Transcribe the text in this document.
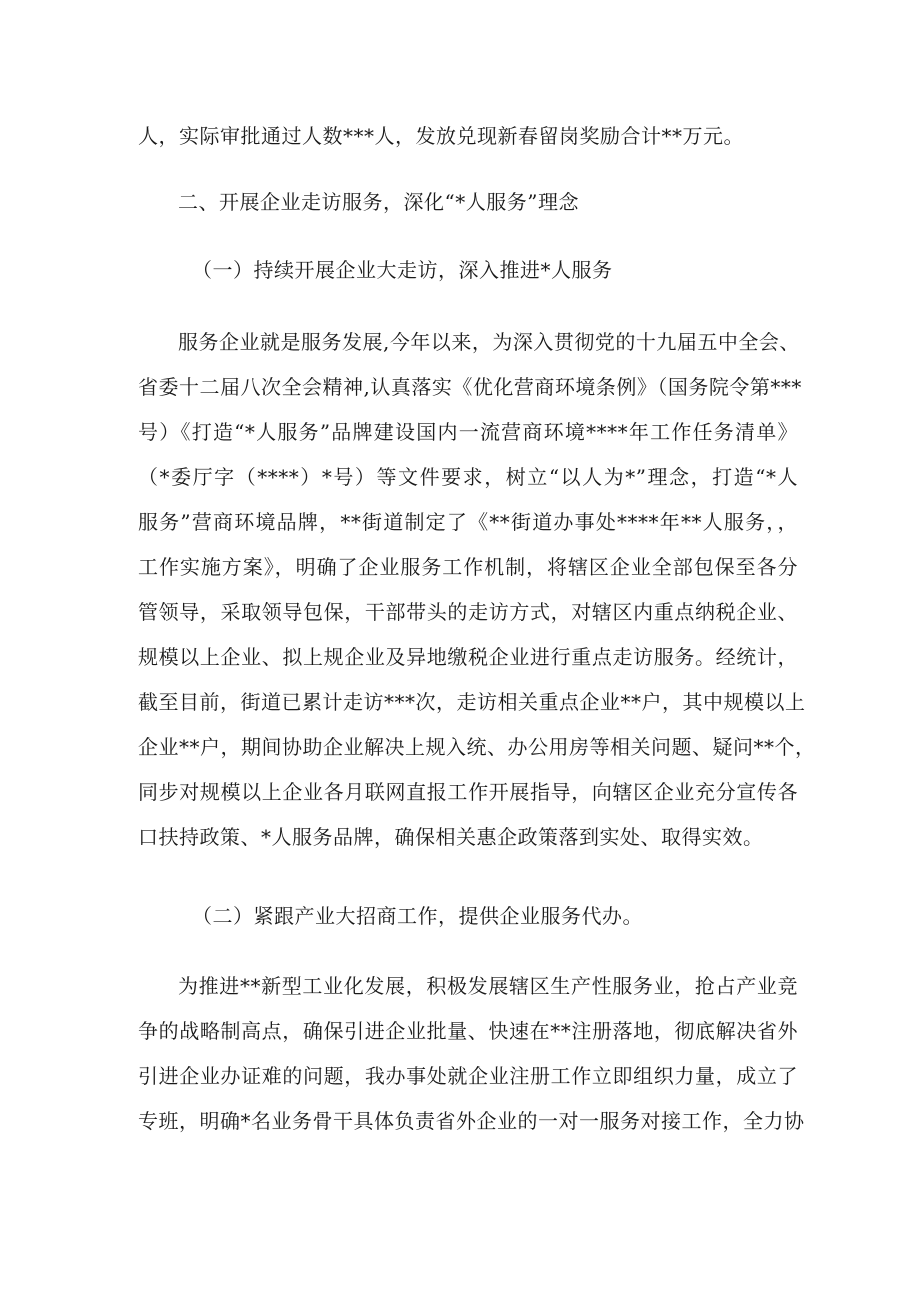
人，实际审批通过人数***人，发放兑现新春留岗奖励合计**万元。
二、开展企业走访服务，深化“*人服务”理念
（一）持续开展企业大走访，深入推进*人服务
服务企业就是服务发展,今年以来，为深入贯彻党的十九届五中全会、
省委十二届八次全会精神,认真落实《优化营商环境条例》（国务院令第***
号）《打造“*人服务”品牌建设国内一流营商环境****年工作任务清单》
（*委厅字（****）*号）等文件要求，树立“以人为*”理念，打造“*人
服务”营商环境品牌，**街道制定了《**街道办事处****年**人服务，，
工作实施方案》，明确了企业服务工作机制，将辖区企业全部包保至各分
管领导，采取领导包保，干部带头的走访方式，对辖区内重点纳税企业、
规模以上企业、拟上规企业及异地缴税企业进行重点走访服务。经统计，
截至目前，街道已累计走访***次，走访相关重点企业**户，其中规模以上
企业**户，期间协助企业解决上规入统、办公用房等相关问题、疑问**个，
同步对规模以上企业各月联网直报工作开展指导，向辖区企业充分宣传各
口扶持政策、*人服务品牌，确保相关惠企政策落到实处、取得实效。
（二）紧跟产业大招商工作，提供企业服务代办。
为推进**新型工业化发展，积极发展辖区生产性服务业，抢占产业竞
争的战略制高点，确保引进企业批量、快速在**注册落地，彻底解决省外
引进企业办证难的问题，我办事处就企业注册工作立即组织力量，成立了
专班，明确*名业务骨干具体负责省外企业的一对一服务对接工作，全力协
